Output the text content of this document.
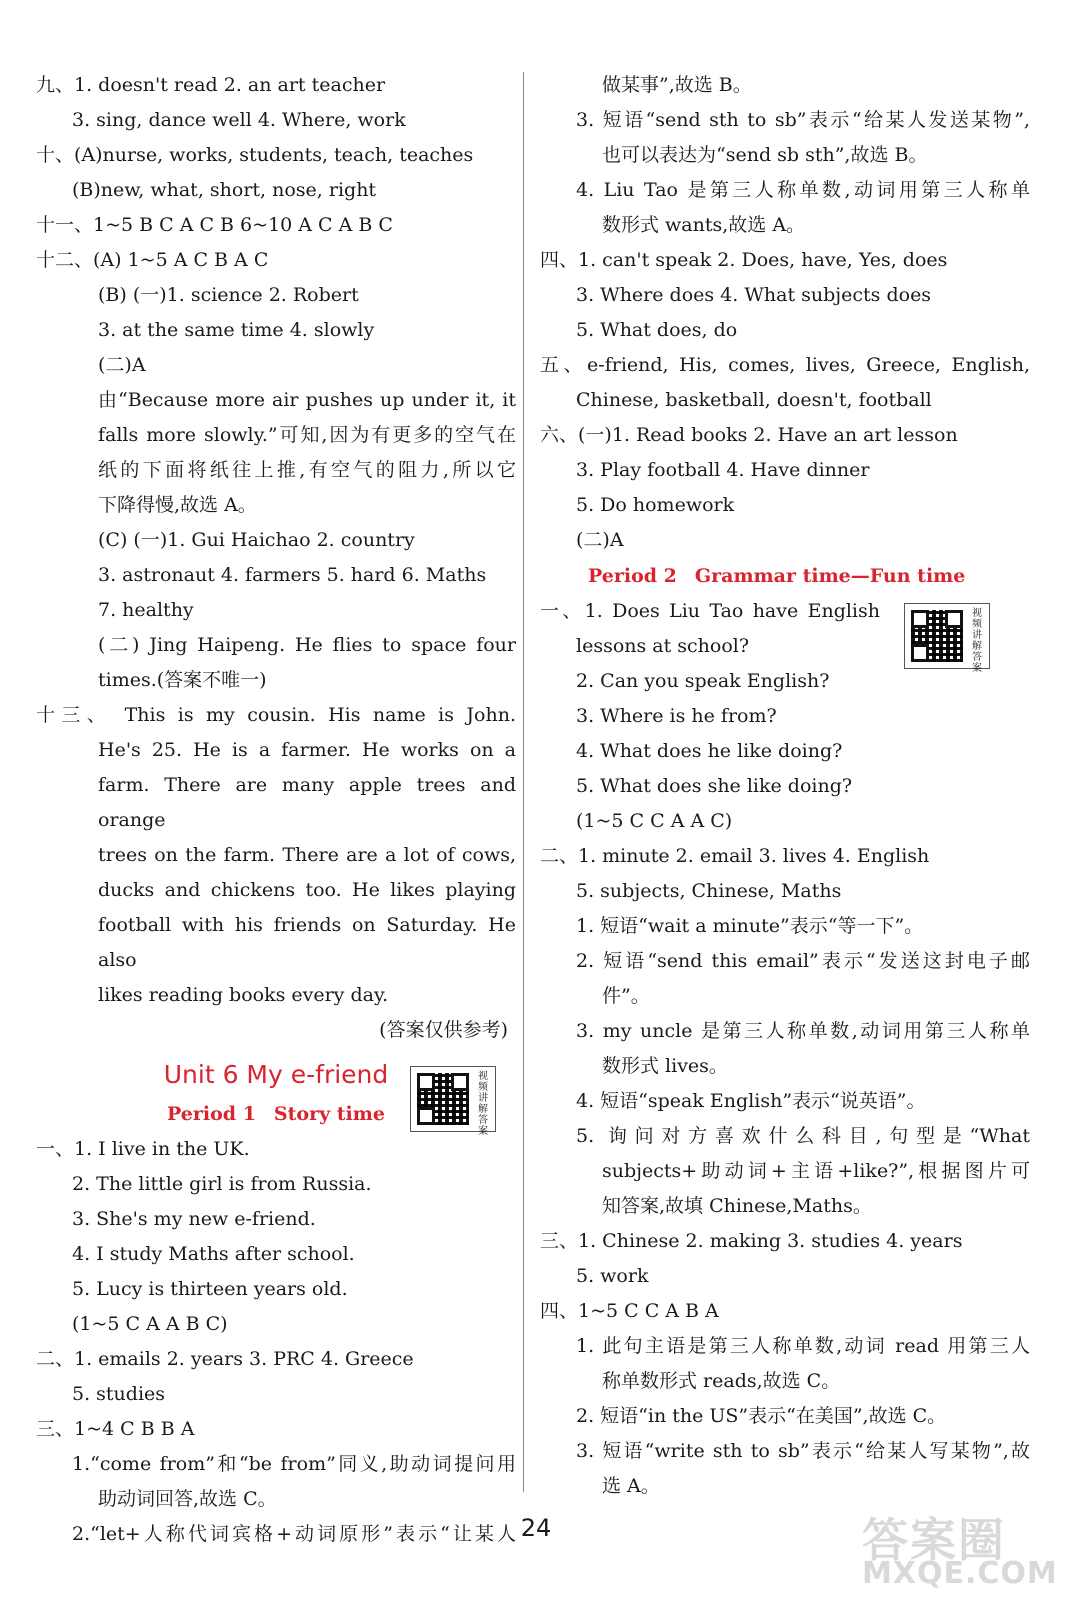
九、1. doesn't read 2. an art teacher
3. sing, dance well 4. Where, work
十、(A)nurse, works, students, teach, teaches
(B)new, what, short, nose, right
十一、1~5 B C A C B 6~10 A C A B C
十二、(A) 1~5 A C B A C
(B) (一)1. science 2. Robert
3. at the same time 4. slowly
(二)A
由“Because more air pushes up under it, it
falls more slowly.”可知,因为有更多的空气在
纸的下面将纸往上推,有空气的阻力,所以它
下降得慢,故选 A。
(C) (一)1. Gui Haichao 2. country
3. astronaut 4. farmers 5. hard 6. Maths
7. healthy
(二) Jing Haipeng. He flies to space four
times.(答案不唯一)
十三、 This is my cousin. His name is John.
He's 25. He is a farmer. He works on a
farm. There are many apple trees and orange
trees on the farm. There are a lot of cows,
ducks and chickens too. He likes playing
football with his friends on Saturday. He also
likes reading books every day.
(答案仅供参考)
Unit 6 My e-friend
Period 1 Story time
一、1. I live in the UK.
2. The little girl is from Russia.
3. She's my new e-friend.
4. I study Maths after school.
5. Lucy is thirteen years old.
(1~5 C A A B C)
二、1. emails 2. years 3. PRC 4. Greece
5. studies
三、1~4 C B B A
1.“come from”和“be from”同义,助动词提问用
助动词回答,故选 C。
2.“let+人称代词宾格+动词原形”表示“让某人
做某事”,故选 B。
3. 短语“send sth to sb”表示“给某人发送某物”,
也可以表达为“send sb sth”,故选 B。
4. Liu Tao 是第三人称单数,动词用第三人称单
数形式 wants,故选 A。
四、1. can't speak 2. Does, have, Yes, does
3. Where does 4. What subjects does
5. What does, do
五、e-friend, His, comes, lives, Greece, English,
Chinese, basketball, doesn't, football
六、(一)1. Read books 2. Have an art lesson
3. Play football 4. Have dinner
5. Do homework
(二)A
Period 2 Grammar time—Fun time
一、1. Does Liu Tao have English
lessons at school?
2. Can you speak English?
3. Where is he from?
4. What does he like doing?
5. What does she like doing?
(1~5 C C A A C)
二、1. minute 2. email 3. lives 4. English
5. subjects, Chinese, Maths
1. 短语“wait a minute”表示“等一下”。
2. 短语“send this email”表示“发送这封电子邮
件”。
3. my uncle 是第三人称单数,动词用第三人称单
数形式 lives。
4. 短语“speak English”表示“说英语”。
5. 询问对方喜欢什么科目,句型是“What
subjects+助动词+主语+like?”,根据图片可
知答案,故填 Chinese,Maths。
三、1. Chinese 2. making 3. studies 4. years
5. work
四、1~5 C C A B A
1. 此句主语是第三人称单数,动词 read 用第三人
称单数形式 reads,故选 C。
2. 短语“in the US”表示“在美国”,故选 C。
3. 短语“write sth to sb”表示“给某人写某物”,故
选 A。
视频讲解答案
视频讲解答案
24	答案圈
MXQE.COM
